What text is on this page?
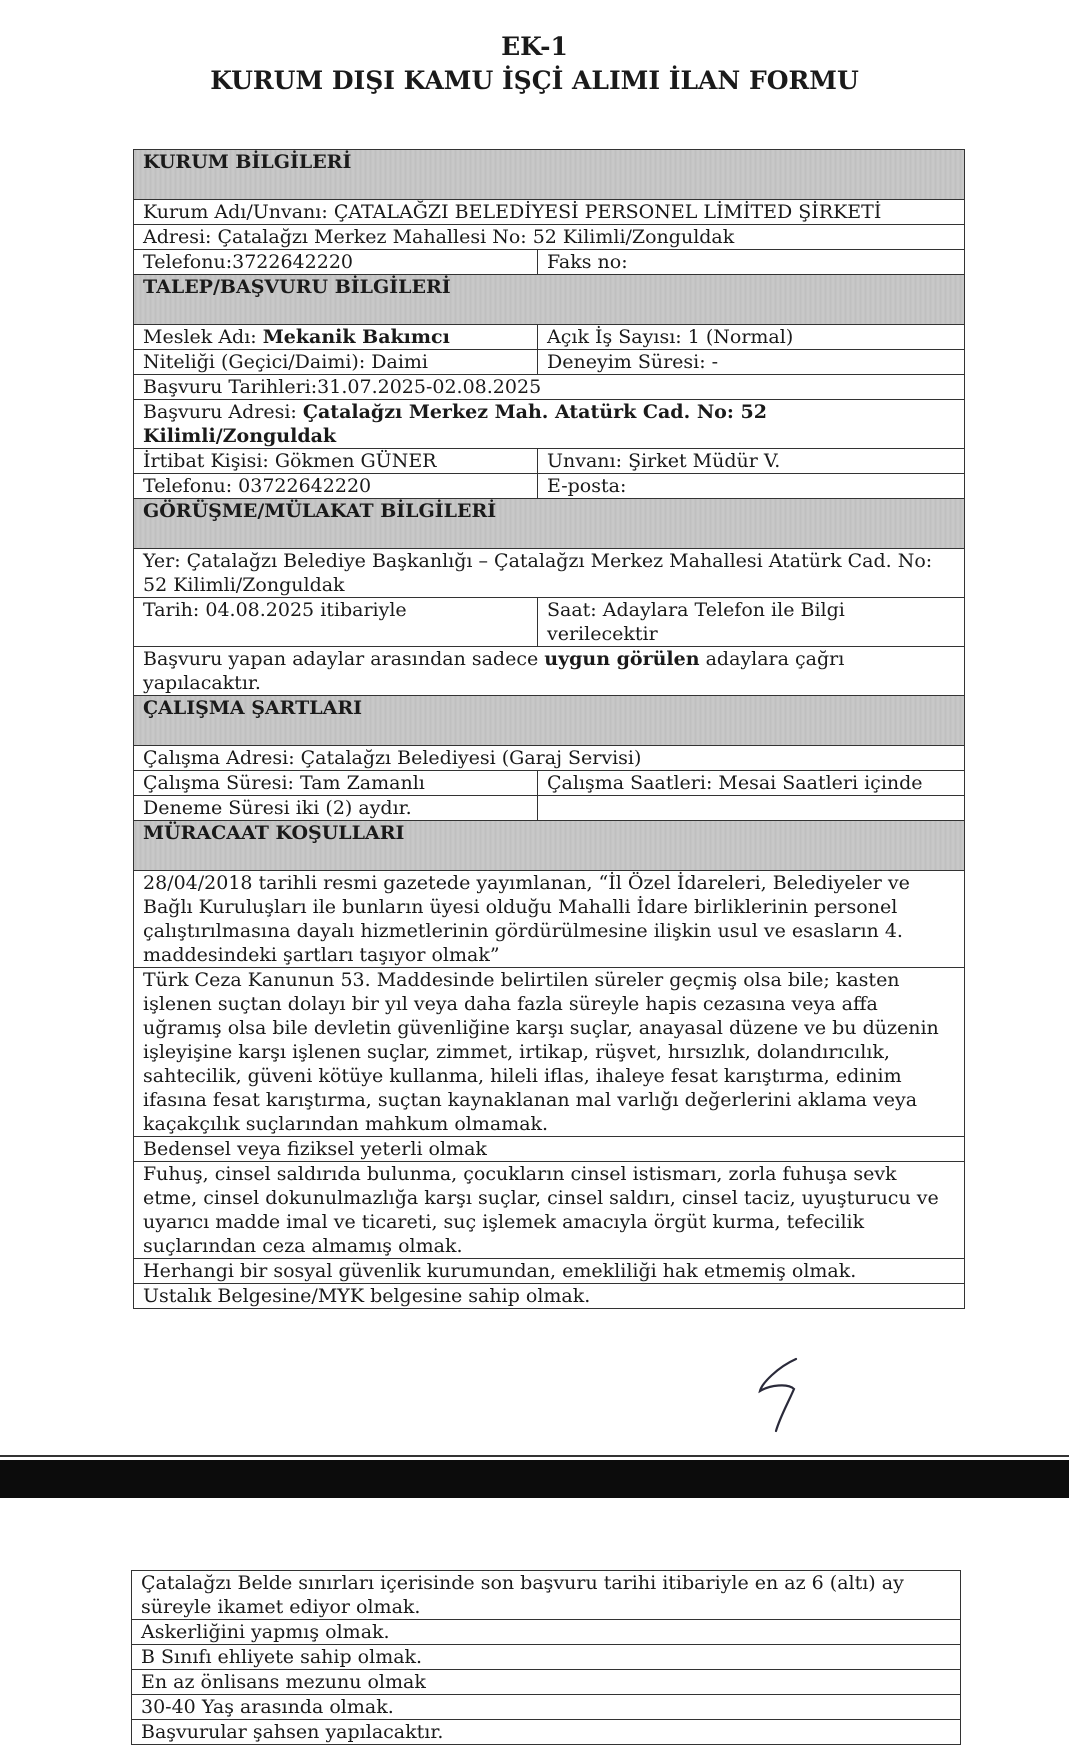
EK-1
KURUM DIŞI KAMU İŞÇİ ALIMI İLAN FORMU
KURUM BİLGİLERİ	
Kurum Adı/Unvanı: ÇATALAĞZI BELEDİYESİ PERSONEL LİMİTED ŞİRKETİ	
Adresi: Çatalağzı Merkez Mahallesi No: 52 Kilimli/Zonguldak	
Telefonu:3722642220	Faks no:
TALEP/BAŞVURU BİLGİLERİ	
Meslek Adı: Mekanik Bakımcı	Açık İş Sayısı: 1 (Normal)
Niteliği (Geçici/Daimi): Daimi	Deneyim Süresi: -
Başvuru Tarihleri:31.07.2025-02.08.2025	
Başvuru Adresi: Çatalağzı Merkez Mah. Atatürk Cad. No: 52 Kilimli/Zonguldak	
İrtibat Kişisi: Gökmen GÜNER	Unvanı: Şirket Müdür V.
Telefonu: 03722642220	E-posta:
GÖRÜŞME/MÜLAKAT BİLGİLERİ	
Yer: Çatalağzı Belediye Başkanlığı – Çatalağzı Merkez Mahallesi Atatürk Cad. No: 52 Kilimli/Zonguldak	
Tarih: 04.08.2025 itibariyle	Saat: Adaylara Telefon ile Bilgi verilecektir
Başvuru yapan adaylar arasından sadece uygun görülen adaylara çağrı yapılacaktır.	
ÇALIŞMA ŞARTLARI	
Çalışma Adresi: Çatalağzı Belediyesi (Garaj Servisi)	
Çalışma Süresi: Tam Zamanlı	Çalışma Saatleri: Mesai Saatleri içinde
Deneme Süresi iki (2) aydır.	
MÜRACAAT KOŞULLARI	
28/04/2018 tarihli resmi gazetede yayımlanan, “İl Özel İdareleri, Belediyeler ve Bağlı Kuruluşları ile bunların üyesi olduğu Mahalli İdare birliklerinin personel çalıştırılmasına dayalı hizmetlerinin gördürülmesine ilişkin usul ve esasların 4. maddesindeki şartları taşıyor olmak”	
Türk Ceza Kanunun 53. Maddesinde belirtilen süreler geçmiş olsa bile; kasten işlenen suçtan dolayı bir yıl veya daha fazla süreyle hapis cezasına veya affa uğramış olsa bile devletin güvenliğine karşı suçlar, anayasal düzene ve bu düzenin işleyişine karşı işlenen suçlar, zimmet, irtikap, rüşvet, hırsızlık, dolandırıcılık, sahtecilik, güveni kötüye kullanma, hileli iflas, ihaleye fesat karıştırma, edinim ifasına fesat karıştırma, suçtan kaynaklanan mal varlığı değerlerini aklama veya kaçakçılık suçlarından mahkum olmamak.	
Bedensel veya fiziksel yeterli olmak	
Fuhuş, cinsel saldırıda bulunma, çocukların cinsel istismarı, zorla fuhuşa sevk etme, cinsel dokunulmazlığa karşı suçlar, cinsel saldırı, cinsel taciz, uyuşturucu ve uyarıcı madde imal ve ticareti, suç işlemek amacıyla örgüt kurma, tefecilik suçlarından ceza almamış olmak.	
Herhangi bir sosyal güvenlik kurumundan, emekliliği hak etmemiş olmak.	
Ustalık Belgesine/MYK belgesine sahip olmak.	
Çatalağzı Belde sınırları içerisinde son başvuru tarihi itibariyle en az 6 (altı) ay süreyle ikamet ediyor olmak.
Askerliğini yapmış olmak.
B Sınıfı ehliyete sahip olmak.
En az önlisans mezunu olmak
30-40 Yaş arasında olmak.
Başvurular şahsen yapılacaktır.
